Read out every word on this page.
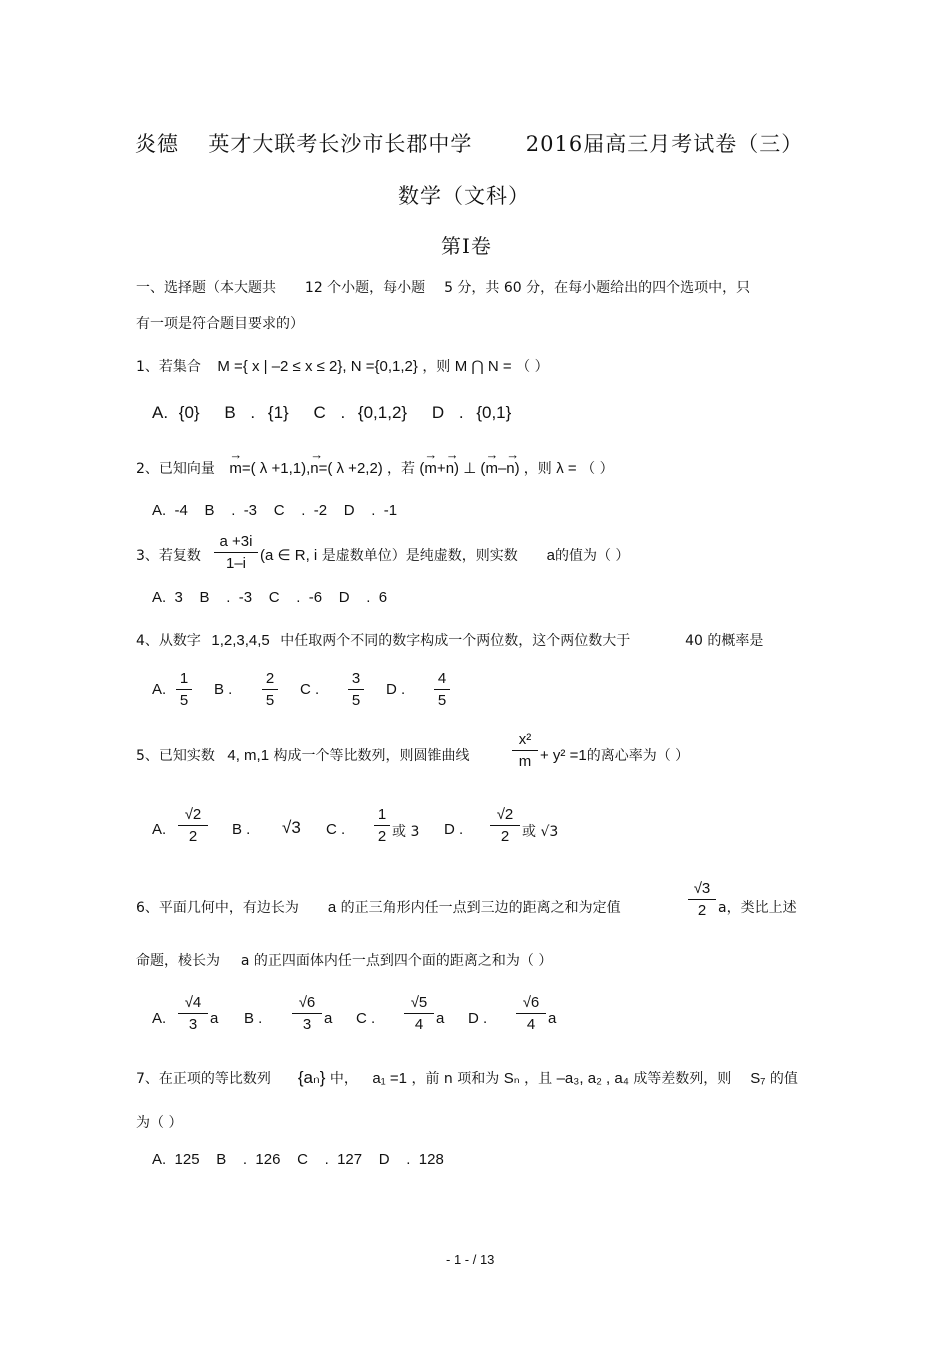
炎德 英才大联考长沙市长郡中学	2016届高三月考试卷（三）
数学（文科）
第Ⅰ卷
一、选择题（本大题共 12 个小题，每小题 5 分，共 60 分，在每小题给出的四个选项中，只
有一项是符合题目要求的）
1、若集合 M ={ x | –2 ≤ x ≤ 2}, N ={0,1,2} ，则 M ⋂ N = （ ）
A. {0} B . {1} C . {0,1,2} D . {0,1}
2、已知向量 → m=( λ +1,1),→ n=( λ +2,2) ，若 (→ m+→ n) ⊥ (→ m–→ n) ，则 λ = （ ）
A.  -4    B    .  -3    C    .  -2    D    .  -1
3、若复数
a +3i
1–i (a ∈ R, i 是虚数单位）是纯虚数，则实数 a的值为（ ）
A.  3    B    .  -3    C    .  -6    D    .  6
4、从数字 1,2,3,4,5 中任取两个不同的数字构成一个两位数，这个两位数大于	40 的概率是
A.
1
5
B .
2
5
C .
3
5
D .
4
5
5、已知实数 4, m,1 构成一个等比数列，则圆锥曲线
x²
m + y² =1的离心率为（ ）
A.
√2
2	B . √3 C .
1
2 或 3 D .
√2
2 或 √3
6、平面几何中，有边长为 a 的正三角形内任一点到三边的距离之和为定值
√3
2 a，类比上述
命题，棱长为 a 的正四面体内任一点到四个面的距离之和为（ ）
A.
√4
3 a B .
√6
3 a C .
√5
4 a D .
√6
4 a
7、在正项的等比数列 {aₙ} 中， a₁ =1 ，前 n 项和为 Sₙ ，且 –a₃, a₂ , a₄ 成等差数列，则 S₇ 的值
为（ ）
A.  125    B    .  126    C    .  127    D    .  128
- 1 - / 13
